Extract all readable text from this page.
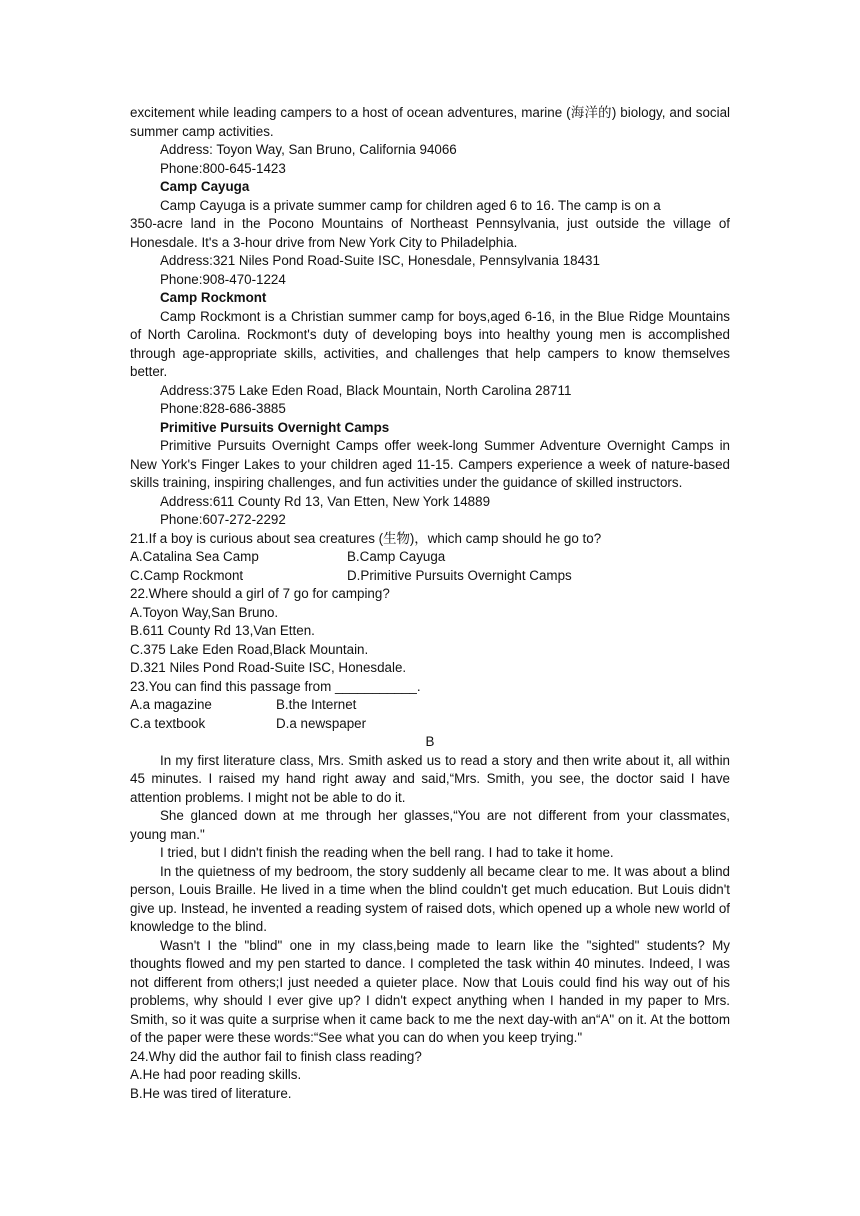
excitement while leading campers to a host of ocean adventures, marine (海洋的) biology, and social summer camp activities.

Address: Toyon Way, San Bruno, California 94066

Phone:800-645-1423

Camp Cayuga

Camp Cayuga is a private summer camp for children aged 6 to 16. The camp is on a

350-acre land in the Pocono Mountains of Northeast Pennsylvania, just outside the village of Honesdale. It's a 3-hour drive from New York City to Philadelphia.

Address:321 Niles Pond Road-Suite ISC, Honesdale, Pennsylvania 18431

Phone:908-470-1224

Camp Rockmont

Camp Rockmont is a Christian summer camp for boys,aged 6-16, in the Blue Ridge Mountains of North Carolina. Rockmont's duty of developing boys into healthy young men is accomplished through age-appropriate skills, activities, and challenges that help campers to know themselves better.

Address:375 Lake Eden Road, Black Mountain, North Carolina 28711

Phone:828-686-3885

Primitive Pursuits Overnight Camps

Primitive Pursuits Overnight Camps offer week-long Summer Adventure Overnight Camps in New York's Finger Lakes to your children aged 11-15. Campers experience a week of nature-based skills training, inspiring challenges, and fun activities under the guidance of skilled instructors.

Address:611 County Rd 13, Van Etten, New York 14889

Phone:607-272-2292

21.If a boy is curious about sea creatures (生物)，which camp should he go to?

A.Catalina Sea Camp	B.Camp Cayuga
C.Camp Rockmont	D.Primitive Pursuits Overnight Camps

22.Where should a girl of 7 go for camping?

A.Toyon Way,San Bruno.

B.611 County Rd 13,Van Etten.

C.375 Lake Eden Road,Black Mountain.

D.321 Niles Pond Road-Suite ISC, Honesdale.

23.You can find this passage from ___________.

A.a magazine	B.the Internet
C.a textbook	D.a newspaper

B

In my first literature class, Mrs. Smith asked us to read a story and then write about it, all within 45 minutes. I raised my hand right away and said,“Mrs. Smith, you see, the doctor said I have attention problems. I might not be able to do it.

She glanced down at me through her glasses,“You are not different from your classmates, young man."

I tried, but I didn't finish the reading when the bell rang. I had to take it home.

In the quietness of my bedroom, the story suddenly all became clear to me. It was about a blind person, Louis Braille. He lived in a time when the blind couldn't get much education. But Louis didn't give up. Instead, he invented a reading system of raised dots, which opened up a whole new world of knowledge to the blind.

Wasn't I the "blind" one in my class,being made to learn like the "sighted" students? My thoughts flowed and my pen started to dance. I completed the task within 40 minutes. Indeed, I was not different from others;I just needed a quieter place. Now that Louis could find his way out of his problems, why should I ever give up? I didn't expect anything when I handed in my paper to Mrs. Smith, so it was quite a surprise when it came back to me the next day-with an“A" on it. At the bottom of the paper were these words:“See what you can do when you keep trying."

24.Why did the author fail to finish class reading?

A.He had poor reading skills.

B.He was tired of literature.
